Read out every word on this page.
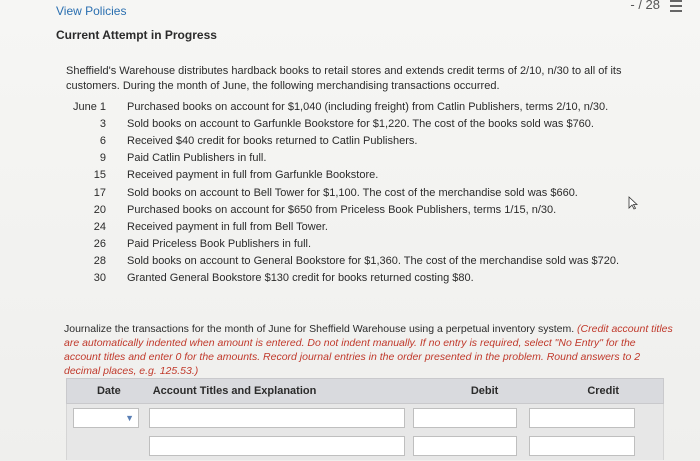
- / 28
View Policies
Current Attempt in Progress
Sheffield's Warehouse distributes hardback books to retail stores and extends credit terms of 2/10, n/30 to all of its customers. During the month of June, the following merchandising transactions occurred.
June 1	Purchased books on account for $1,040 (including freight) from Catlin Publishers, terms 2/10, n/30.
3	Sold books on account to Garfunkle Bookstore for $1,220. The cost of the books sold was $760.
6	Received $40 credit for books returned to Catlin Publishers.
9	Paid Catlin Publishers in full.
15	Received payment in full from Garfunkle Bookstore.
17	Sold books on account to Bell Tower for $1,100. The cost of the merchandise sold was $660.
20	Purchased books on account for $650 from Priceless Book Publishers, terms 1/15, n/30.
24	Received payment in full from Bell Tower.
26	Paid Priceless Book Publishers in full.
28	Sold books on account to General Bookstore for $1,360. The cost of the merchandise sold was $720.
30	Granted General Bookstore $130 credit for books returned costing $80.
Journalize the transactions for the month of June for Sheffield Warehouse using a perpetual inventory system. (Credit account titles are automatically indented when amount is entered. Do not indent manually. If no entry is required, select "No Entry" for the account titles and enter 0 for the amounts. Record journal entries in the order presented in the problem. Round answers to 2 decimal places, e.g. 125.53.)
Date	Account Titles and Explanation	Debit	Credit
▼
